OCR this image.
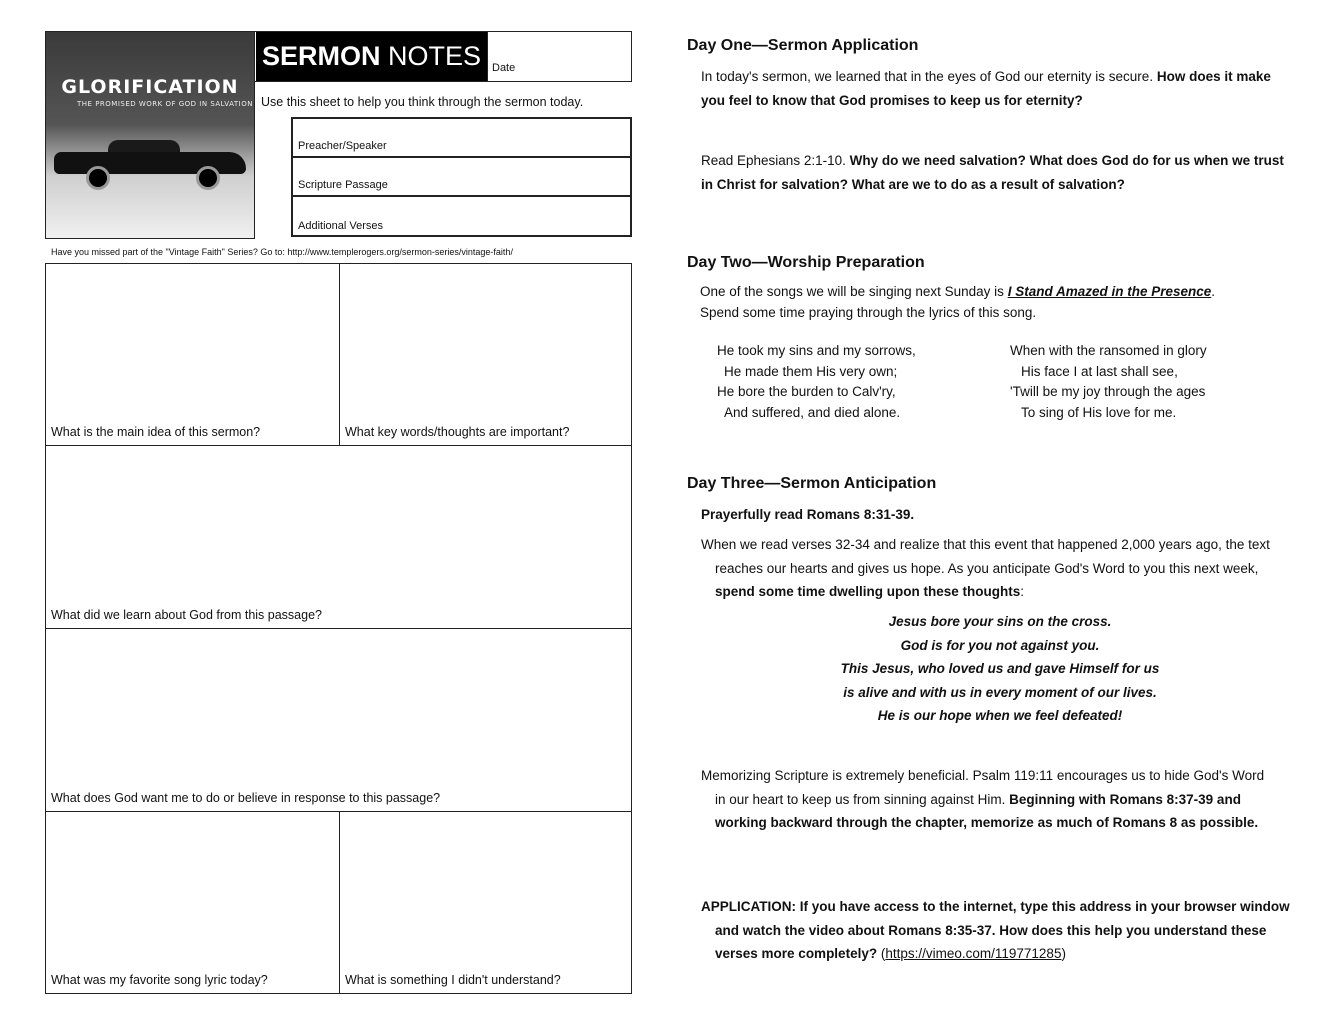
GLORIFICATION
THE PROMISED WORK OF GOD IN SALVATION
SERMON NOTES Date
Use this sheet to help you think through the sermon today.
Preacher/Speaker
Scripture Passage
Additional Verses
Have you missed part of the "Vintage Faith" Series? Go to: http://www.templerogers.org/sermon-series/vintage-faith/
What is the main idea of this sermon?	What key words/thoughts are important?
What did we learn about God from this passage?
What does God want me to do or believe in response to this passage?
What was my favorite song lyric today?	What is something I didn't understand?
Day One—Sermon Application
In today's sermon, we learned that in the eyes of God our eternity is secure. How does it make you feel to know that God promises to keep us for eternity?
Read Ephesians 2:1-10. Why do we need salvation? What does God do for us when we trust in Christ for salvation? What are we to do as a result of salvation?
Day Two—Worship Preparation
One of the songs we will be singing next Sunday is I Stand Amazed in the Presence.
Spend some time praying through the lyrics of this song.
He took my sins and my sorrows,
He made them His very own;
He bore the burden to Calv'ry,
And suffered, and died alone.
When with the ransomed in glory
His face I at last shall see,
'Twill be my joy through the ages
To sing of His love for me.
Day Three—Sermon Anticipation
Prayerfully read Romans 8:31-39.
When we read verses 32-34 and realize that this event that happened 2,000 years ago, the text reaches our hearts and gives us hope. As you anticipate God's Word to you this next week, spend some time dwelling upon these thoughts:
Jesus bore your sins on the cross.
God is for you not against you.
This Jesus, who loved us and gave Himself for us
is alive and with us in every moment of our lives.
He is our hope when we feel defeated!
Memorizing Scripture is extremely beneficial. Psalm 119:11 encourages us to hide God's Word in our heart to keep us from sinning against Him. Beginning with Romans 8:37-39 and working backward through the chapter, memorize as much of Romans 8 as possible.
APPLICATION: If you have access to the internet, type this address in your browser window and watch the video about Romans 8:35-37. How does this help you understand these verses more completely? (https://vimeo.com/119771285)
